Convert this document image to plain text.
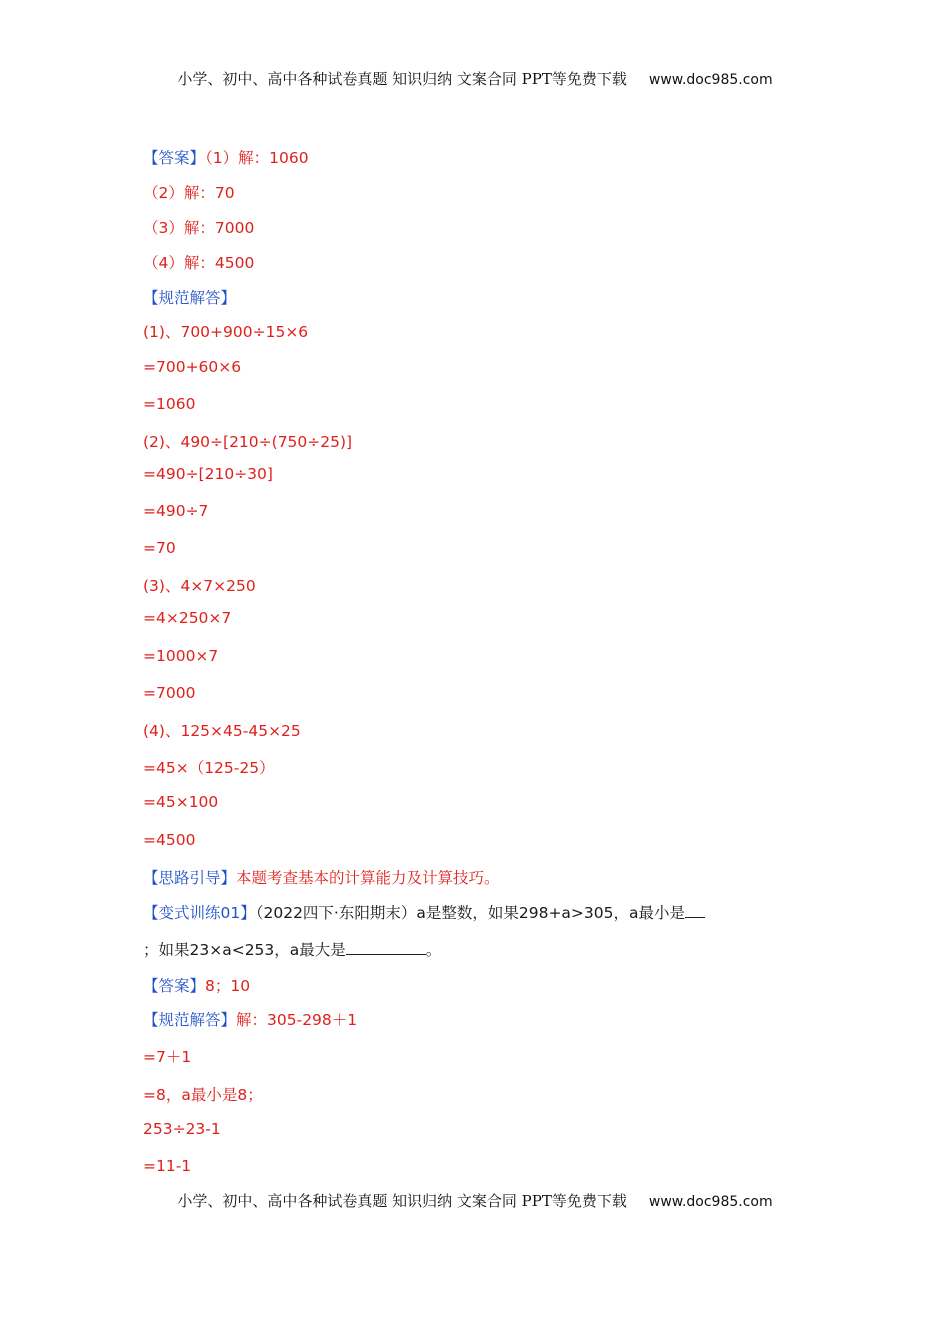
小学、初中、高中各种试卷真题 知识归纳 文案合同 PPT等免费下载 www.doc985.com
【答案】（1）解：1060
（2）解：70
（3）解：7000
（4）解：4500
【规范解答】
(1)、700+900÷15×6
=700+60×6
=1060
(2)、490÷[210÷(750÷25)]
=490÷[210÷30]
=490÷7
=70
(3)、4×7×250
=4×250×7
=1000×7
=7000
(4)、125×45-45×25
=45×（125-25）
=45×100
=4500
【思路引导】本题考查基本的计算能力及计算技巧。
【变式训练01】（2022四下·东阳期末）a是整数，如果298+a>305，a最小是
；如果23×a<253，a最大是	。
【答案】8；10
【规范解答】解：305-298＋1
=7＋1
=8，a最小是8；
253÷23-1
=11-1
小学、初中、高中各种试卷真题 知识归纳 文案合同 PPT等免费下载 www.doc985.com
